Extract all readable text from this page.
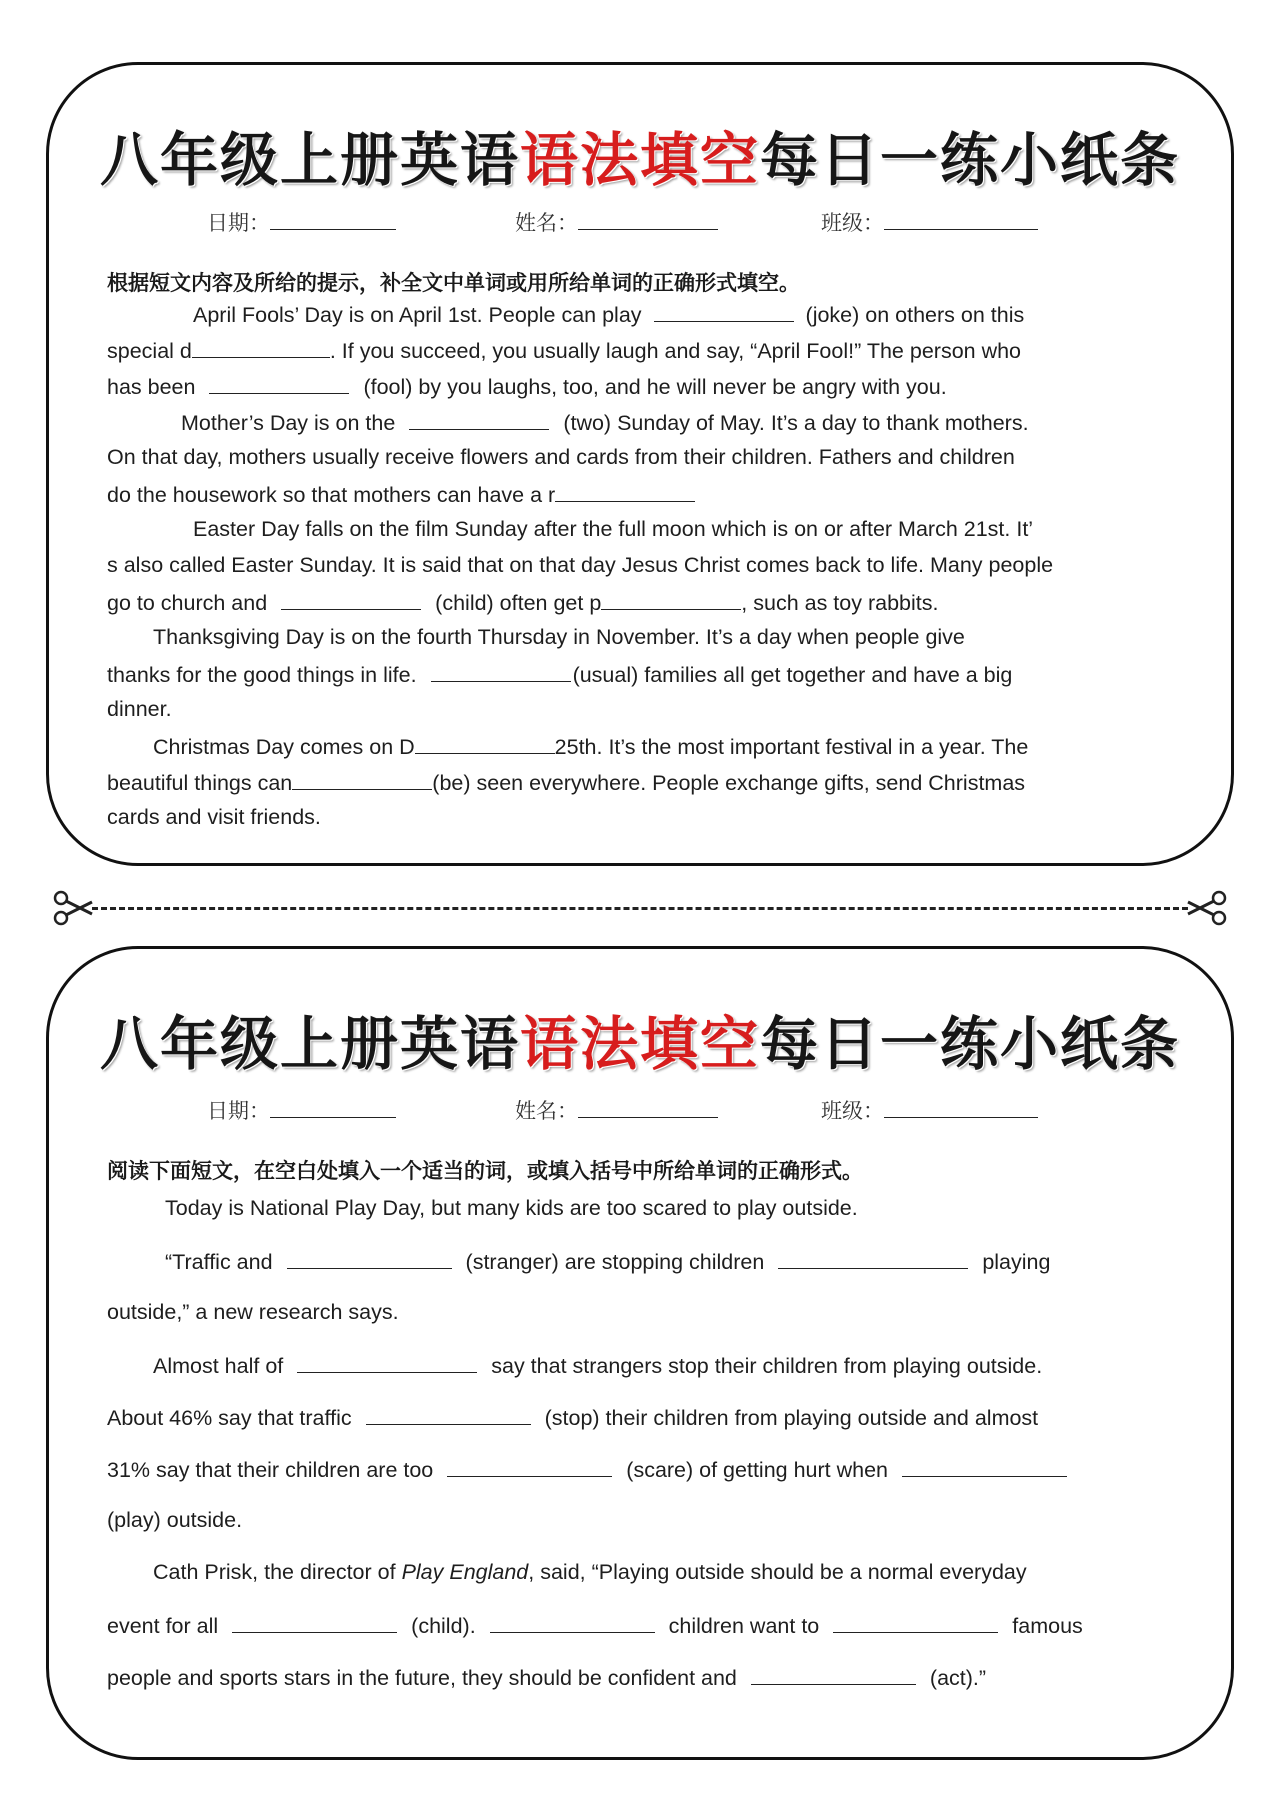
八年级上册英语语法填空每日一练小纸条
日期：	姓名：	班级：
根据短文内容及所给的提示，补全文中单词或用所给单词的正确形式填空。
April Fools’ Day is on April 1st. People can play	(joke) on others on this
special d	. If you succeed, you usually laugh and say, “April Fool!” The person who
has been	(fool) by you laughs, too, and he will never be angry with you.
Mother’s Day is on the	(two) Sunday of May. It’s a day to thank mothers.
On that day, mothers usually receive flowers and cards from their children. Fathers and children
do the housework so that mothers can have a r
Easter Day falls on the film Sunday after the full moon which is on or after March 21st. It’
s also called Easter Sunday. It is said that on that day Jesus Christ comes back to life. Many people
go to church and	(child) often get p	, such as toy rabbits.
Thanksgiving Day is on the fourth Thursday in November. It’s a day when people give
thanks for the good things in life.	(usual) families all get together and have a big
dinner.
Christmas Day comes on D	25th. It’s the most important festival in a year. The
beautiful things can	(be) seen everywhere. People exchange gifts, send Christmas
cards and visit friends.
八年级上册英语语法填空每日一练小纸条
日期：	姓名：	班级：
阅读下面短文，在空白处填入一个适当的词，或填入括号中所给单词的正确形式。
Today is National Play Day, but many kids are too scared to play outside.
“Traffic and	(stranger) are stopping children	playing
outside,” a new research says.
Almost half of	say that strangers stop their children from playing outside.
About 46% say that traffic	(stop) their children from playing outside and almost
31% say that their children are too	(scare) of getting hurt when
(play) outside.
Cath Prisk, the director of Play England, said, “Playing outside should be a normal everyday
event for all	(child).	children want to	famous
people and sports stars in the future, they should be confident and	(act).”
